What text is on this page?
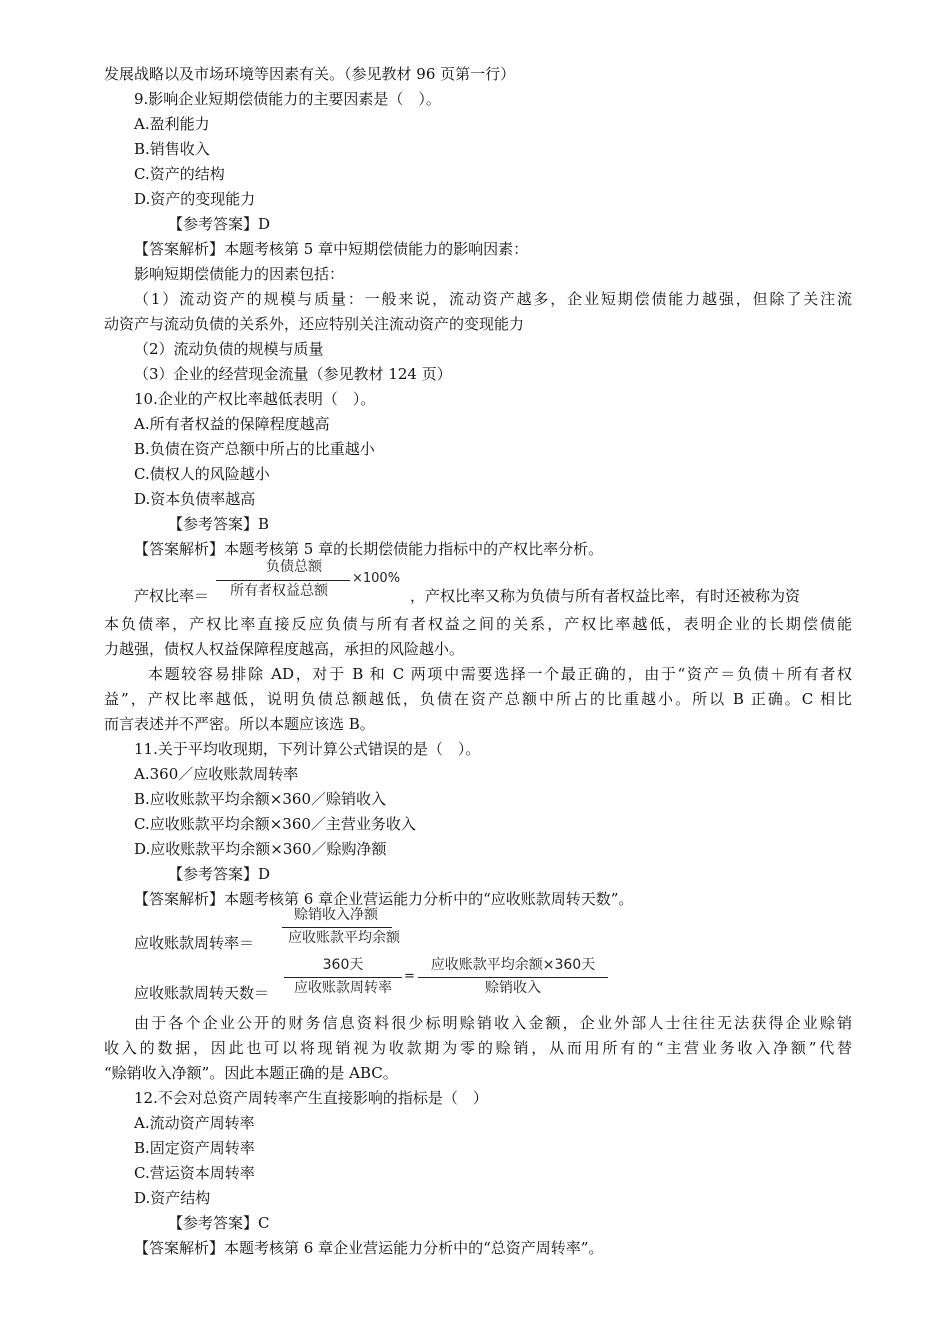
发展战略以及市场环境等因素有关。（参见教材 96 页第一行）
9.影响企业短期偿债能力的主要因素是（　）。
A.盈利能力
B.销售收入
C.资产的结构
D.资产的变现能力
【参考答案】D
【答案解析】本题考核第 5 章中短期偿债能力的影响因素：
影响短期偿债能力的因素包括：
（1）流动资产的规模与质量：一般来说，流动资产越多，企业短期偿债能力越强，但除了关注流
动资产与流动负债的关系外，还应特别关注流动资产的变现能力
（2）流动负债的规模与质量
（3）企业的经营现金流量（参见教材 124 页）
10.企业的产权比率越低表明（　）。
A.所有者权益的保障程度越高
B.负债在资产总额中所占的比重越小
C.债权人的风险越小
D.资本负债率越高
【参考答案】B
【答案解析】本题考核第 5 章的长期偿债能力指标中的产权比率分析。
产权比率＝
负债总额
所有者权益总额
×100%
，产权比率又称为负债与所有者权益比率，有时还被称为资
本负债率，产权比率直接反应负债与所有者权益之间的关系，产权比率越低，表明企业的长期偿债能
力越强，债权人权益保障程度越高，承担的风险越小。
本题较容易排除 AD，对于 B 和 C 两项中需要选择一个最正确的，由于“资产＝负债＋所有者权
益”，产权比率越低，说明负债总额越低，负债在资产总额中所占的比重越小。所以 B 正确。C 相比
而言表述并不严密。所以本题应该选 B。
11.关于平均收现期，下列计算公式错误的是（　）。
A.360／应收账款周转率
B.应收账款平均余额×360／赊销收入
C.应收账款平均余额×360／主营业务收入
D.应收账款平均余额×360／赊购净额
【参考答案】D
【答案解析】本题考核第 6 章企业营运能力分析中的“应收账款周转天数”。
应收账款周转率＝
赊销收入净额
应收账款平均余额
应收账款周转天数＝
360天
应收账款周转率
=
应收账款平均余额×360天
赊销收入
由于各个企业公开的财务信息资料很少标明赊销收入金额，企业外部人士往往无法获得企业赊销
收入的数据，因此也可以将现销视为收款期为零的赊销，从而用所有的“主营业务收入净额”代替
“赊销收入净额”。因此本题正确的是 ABC。
12.不会对总资产周转率产生直接影响的指标是（　）
A.流动资产周转率
B.固定资产周转率
C.营运资本周转率
D.资产结构
【参考答案】C
【答案解析】本题考核第 6 章企业营运能力分析中的“总资产周转率”。
